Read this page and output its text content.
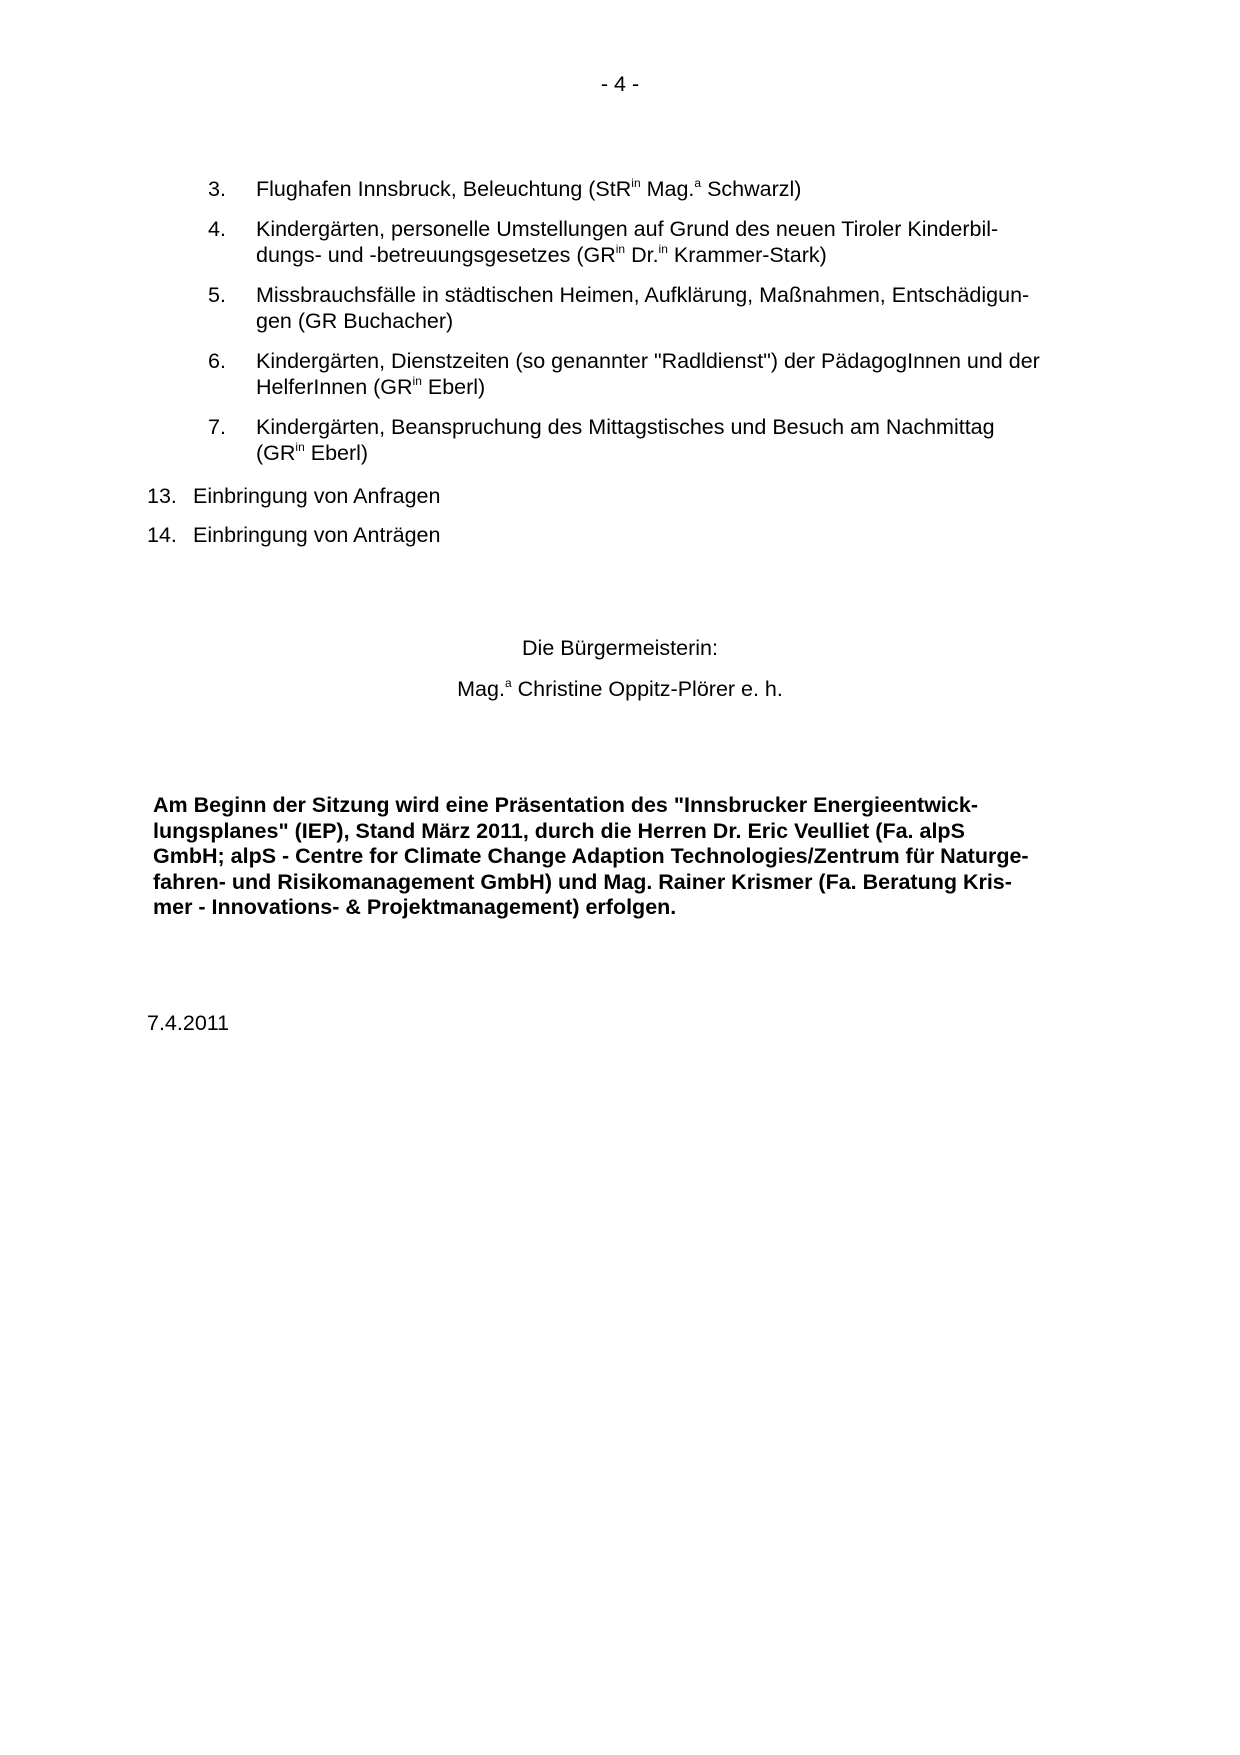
- 4 -
3.	Flughafen Innsbruck, Beleuchtung (StR$^{in}$ Mag.$^a$ Schwarzl)
4.	Kindergärten, personelle Umstellungen auf Grund des neuen Tiroler Kinderbil-
dungs- und -betreuungsgesetzes ($GR^{in}$ Dr.$^{in}$ Krammer-Stark)
5.	Missbrauchsfälle in städtischen Heimen, Aufklärung, Maßnahmen, Entschädigun-
gen (GR Buchacher)
6.	Kindergärten, Dienstzeiten (so genannter "Radldienst") der PädagogInnen und der
HelferInnen ($GR^{in}$ Eberl)
7.	Kindergärten, Beanspruchung des Mittagstisches und Besuch am Nachmittag
($GR^{in}$ Eberl)
13. Einbringung von Anfragen
14. Einbringung von Anträgen
Die Bürgermeisterin:
Mag.$^a$ Christine Oppitz-Plörer e. h.
Am Beginn der Sitzung wird eine Präsentation des "Innsbrucker Energieentwick-
lungsplanes" (IEP), Stand März 2011, durch die Herren Dr. Eric Veulliet (Fa. alpS
GmbH; alpS - Centre for Climate Change Adaption Technologies/Zentrum für Naturge-
fahren- und Risikomanagement GmbH) und Mag. Rainer Krismer (Fa. Beratung Kris-
mer - Innovations- & Projektmanagement) erfolgen.
7.4.2011
